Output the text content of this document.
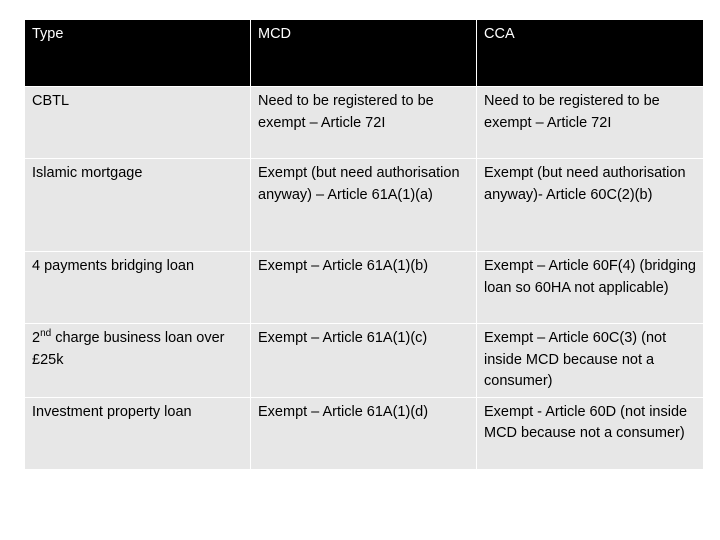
Type	MCD	CCA
CBTL	Need to be registered to be exempt – Article 72I	Need to be registered to be exempt – Article 72I
Islamic mortgage	Exempt (but need authorisation anyway) – Article 61A(1)(a)	Exempt (but need authorisation anyway)- Article 60C(2)(b)
4 payments bridging loan	Exempt – Article 61A(1)(b)	Exempt – Article 60F(4) (bridging loan so 60HA not applicable)
2nd charge business loan over £25k	Exempt – Article 61A(1)(c)	Exempt – Article 60C(3) (not inside MCD because not a consumer)
Investment property loan	Exempt – Article 61A(1)(d)	Exempt - Article 60D (not inside MCD because not a consumer)
